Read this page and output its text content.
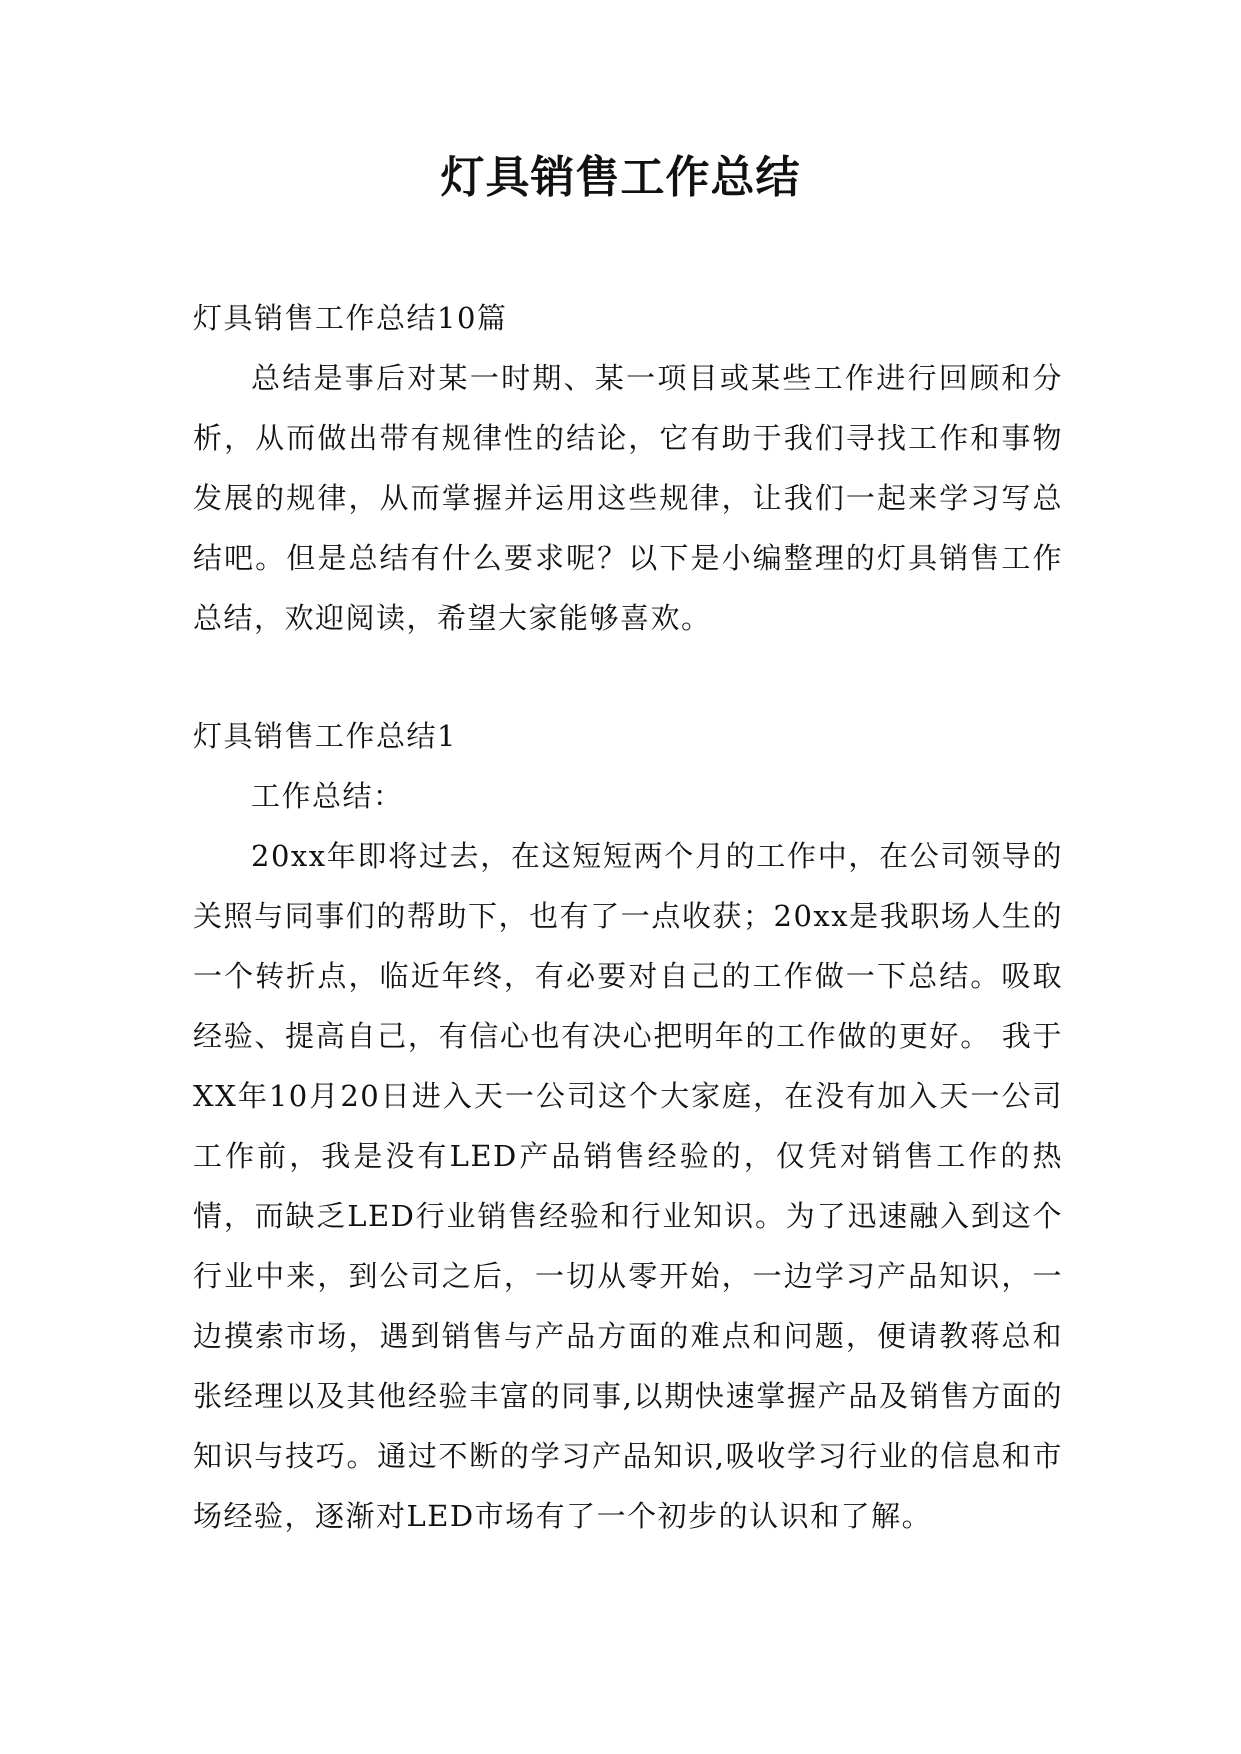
灯具销售工作总结

灯具销售工作总结10篇

总结是事后对某一时期、某一项目或某些工作进行回顾和分析，从而做出带有规律性的结论，它有助于我们寻找工作和事物发展的规律，从而掌握并运用这些规律，让我们一起来学习写总结吧。但是总结有什么要求呢？以下是小编整理的灯具销售工作总结，欢迎阅读，希望大家能够喜欢。

灯具销售工作总结1

工作总结：

20xx年即将过去，在这短短两个月的工作中，在公司领导的关照与同事们的帮助下，也有了一点收获；20xx是我职场人生的一个转折点，临近年终，有必要对自己的工作做一下总结。吸取经验、提高自己，有信心也有决心把明年的工作做的更好。 我于XX年10月20日进入天一公司这个大家庭，在没有加入天一公司工作前，我是没有LED产品销售经验的，仅凭对销售工作的热情，而缺乏LED行业销售经验和行业知识。为了迅速融入到这个行业中来，到公司之后，一切从零开始，一边学习产品知识，一边摸索市场，遇到销售与产品方面的难点和问题，便请教蒋总和张经理以及其他经验丰富的同事,以期快速掌握产品及销售方面的知识与技巧。通过不断的学习产品知识,吸收学习行业的信息和市场经验，逐渐对LED市场有了一个初步的认识和了解。
